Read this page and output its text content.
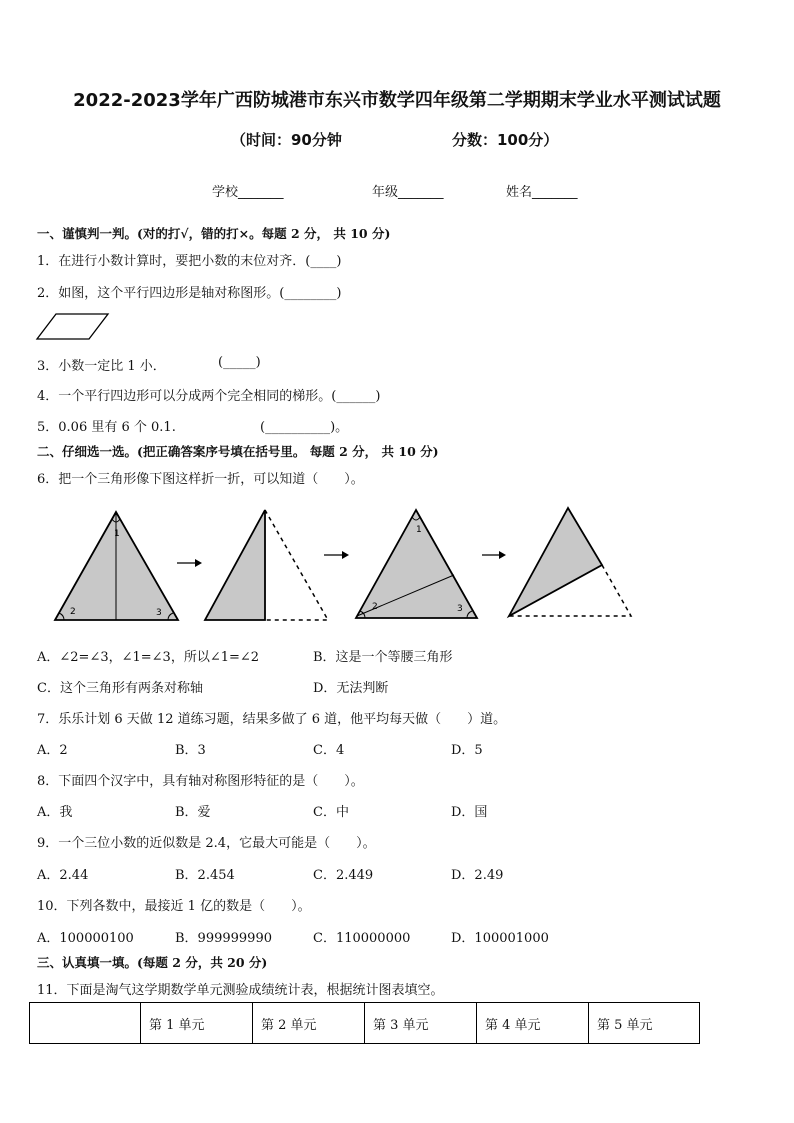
2022-2023学年广西防城港市东兴市数学四年级第二学期期末学业水平测试试题
（时间：90分钟	分数：100分）
学校_______	年级_______	姓名_______
一、谨慎判一判。(对的打√，错的打×。每题 2 分， 共 10 分)
1．在进行小数计算时，要把小数的末位对齐．(____)
2．如图，这个平行四边形是轴对称图形。(________)
3．小数一定比 1 小．	(_____)
4．一个平行四边形可以分成两个完全相同的梯形。(______)
5．0.06 里有 6 个 0.1.	(__________)。
二、仔细选一选。(把正确答案序号填在括号里。 每题 2 分， 共 10 分)
6．把一个三角形像下图这样折一折，可以知道（　　）。
1
2	3
1
2	3
A．∠2=∠3，∠1=∠3，所以∠1=∠2	B．这是一个等腰三角形
C．这个三角形有两条对称轴	D．无法判断
7．乐乐计划 6 天做 12 道练习题，结果多做了 6 道，他平均每天做（　　）道。
A．2	B．3	C．4	D．5
8．下面四个汉字中，具有轴对称图形特征的是（　　）。
A．我	B．爱	C．中	D．国
9．一个三位小数的近似数是 2.4，它最大可能是（　　）。
A．2.44	B．2.454	C．2.449	D．2.49
10．下列各数中，最接近 1 亿的数是（　　）。
A．100000100	B．999999990	C．110000000	D．100001000
三、认真填一填。(每题 2 分，共 20 分)
11．下面是淘气这学期数学单元测验成绩统计表，根据统计图表填空。
	第 1 单元	第 2 单元	第 3 单元	第 4 单元	第 5 单元
